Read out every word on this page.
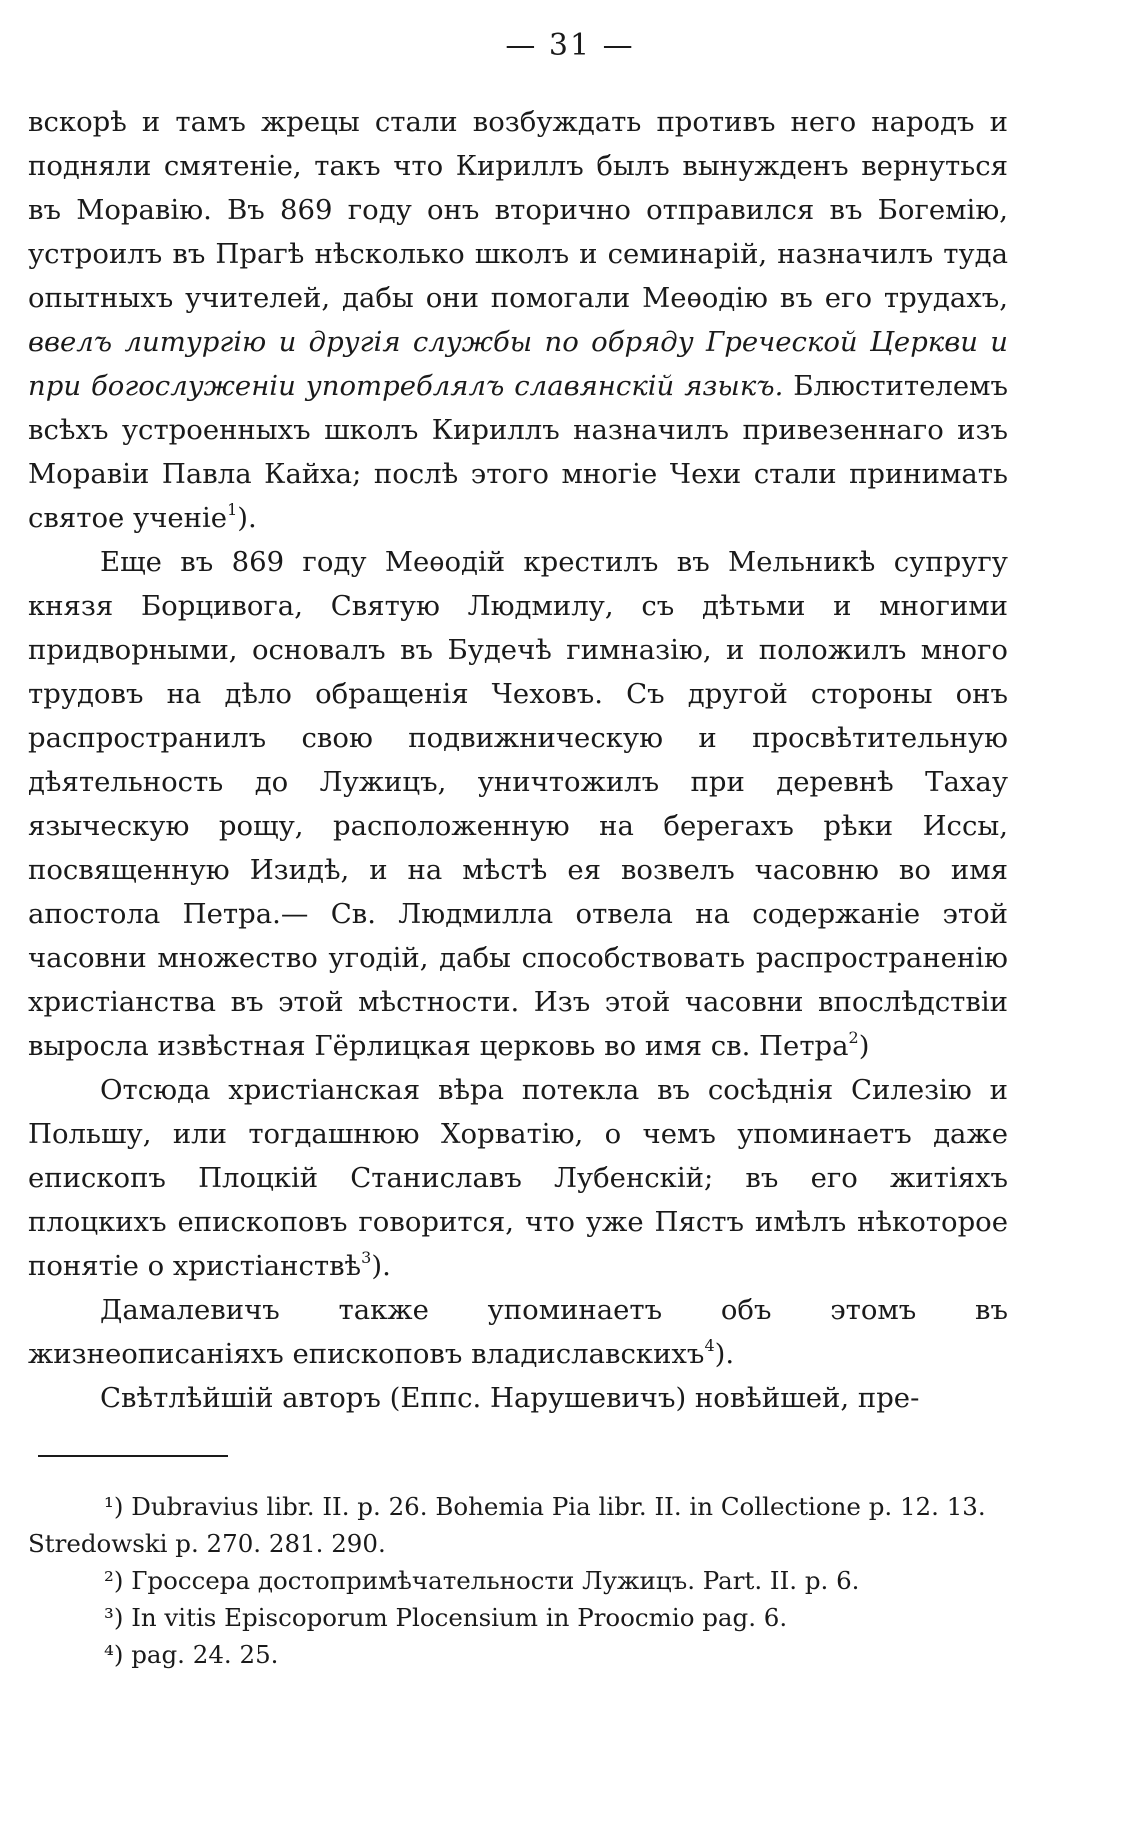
— 31 —

вскорѣ и тамъ жрецы стали возбуждать противъ него народъ и подняли смятеніе, такъ что Кириллъ былъ вынужденъ вернуться въ Моравію. Въ 869 году онъ вторично отправился въ Богемію, устроилъ въ Прагѣ нѣсколько школъ и семинарій, назначилъ туда опытныхъ учителей, дабы они помогали Меѳодію въ его трудахъ, ввелъ литургію и другія службы по обряду Греческой Церкви и при богослуженіи употреблялъ славянскій языкъ. Блюстителемъ всѣхъ устроенныхъ школъ Кириллъ назначилъ привезеннаго изъ Моравіи Павла Кайха; послѣ этого многіе Чехи стали принимать святое ученіе$^1$).

Еще въ 869 году Меѳодій крестилъ въ Мельникѣ супругу князя Борцивога, Святую Людмилу, съ дѣтьми и многими придворными, основалъ въ Будечѣ гимназію, и положилъ много трудовъ на дѣло обращенія Чеховъ. Съ другой стороны онъ распространилъ свою подвижническую и просвѣтительную дѣятельность до Лужицъ, уничтожилъ при деревнѣ Тахау языческую рощу, расположенную на берегахъ рѣки Иссы, посвященную Изидѣ, и на мѣстѣ ея возвелъ часовню во имя апостола Петра.— Св. Людмилла отвела на содержаніе этой часовни множество угодій, дабы способствовать распространенію христіанства въ этой мѣстности. Изъ этой часовни впослѣдствіи выросла извѣстная Гёрлицкая церковь во имя св. Петра$^2$)

Отсюда христіанская вѣра потекла въ сосѣднія Силезію и Польшу, или тогдашнюю Хорватію, о чемъ упоминаетъ даже епископъ Плоцкій Станиславъ Лубенскій; въ его житіяхъ плоцкихъ епископовъ говорится, что уже Пястъ имѣлъ нѣкоторое понятіе о христіанствѣ$^3$).

Дамалевичъ также упоминаетъ объ этомъ въ жизнеописаніяхъ епископовъ владиславскихъ$^4$).

Свѣтлѣйшій авторъ (Еппс. Нарушевичъ) новѣйшей, пре-

¹) Dubravius libr. II. p. 26. Bohemia Pia libr. II. in Collectione p. 12. 13. Stredowski p. 270. 281. 290.

²) Гроссера достопримѣчательности Лужицъ. Part. II. p. 6.

³) In vitis Episcoporum Plocensium in Proocmio pag. 6.

⁴) pag. 24. 25.
